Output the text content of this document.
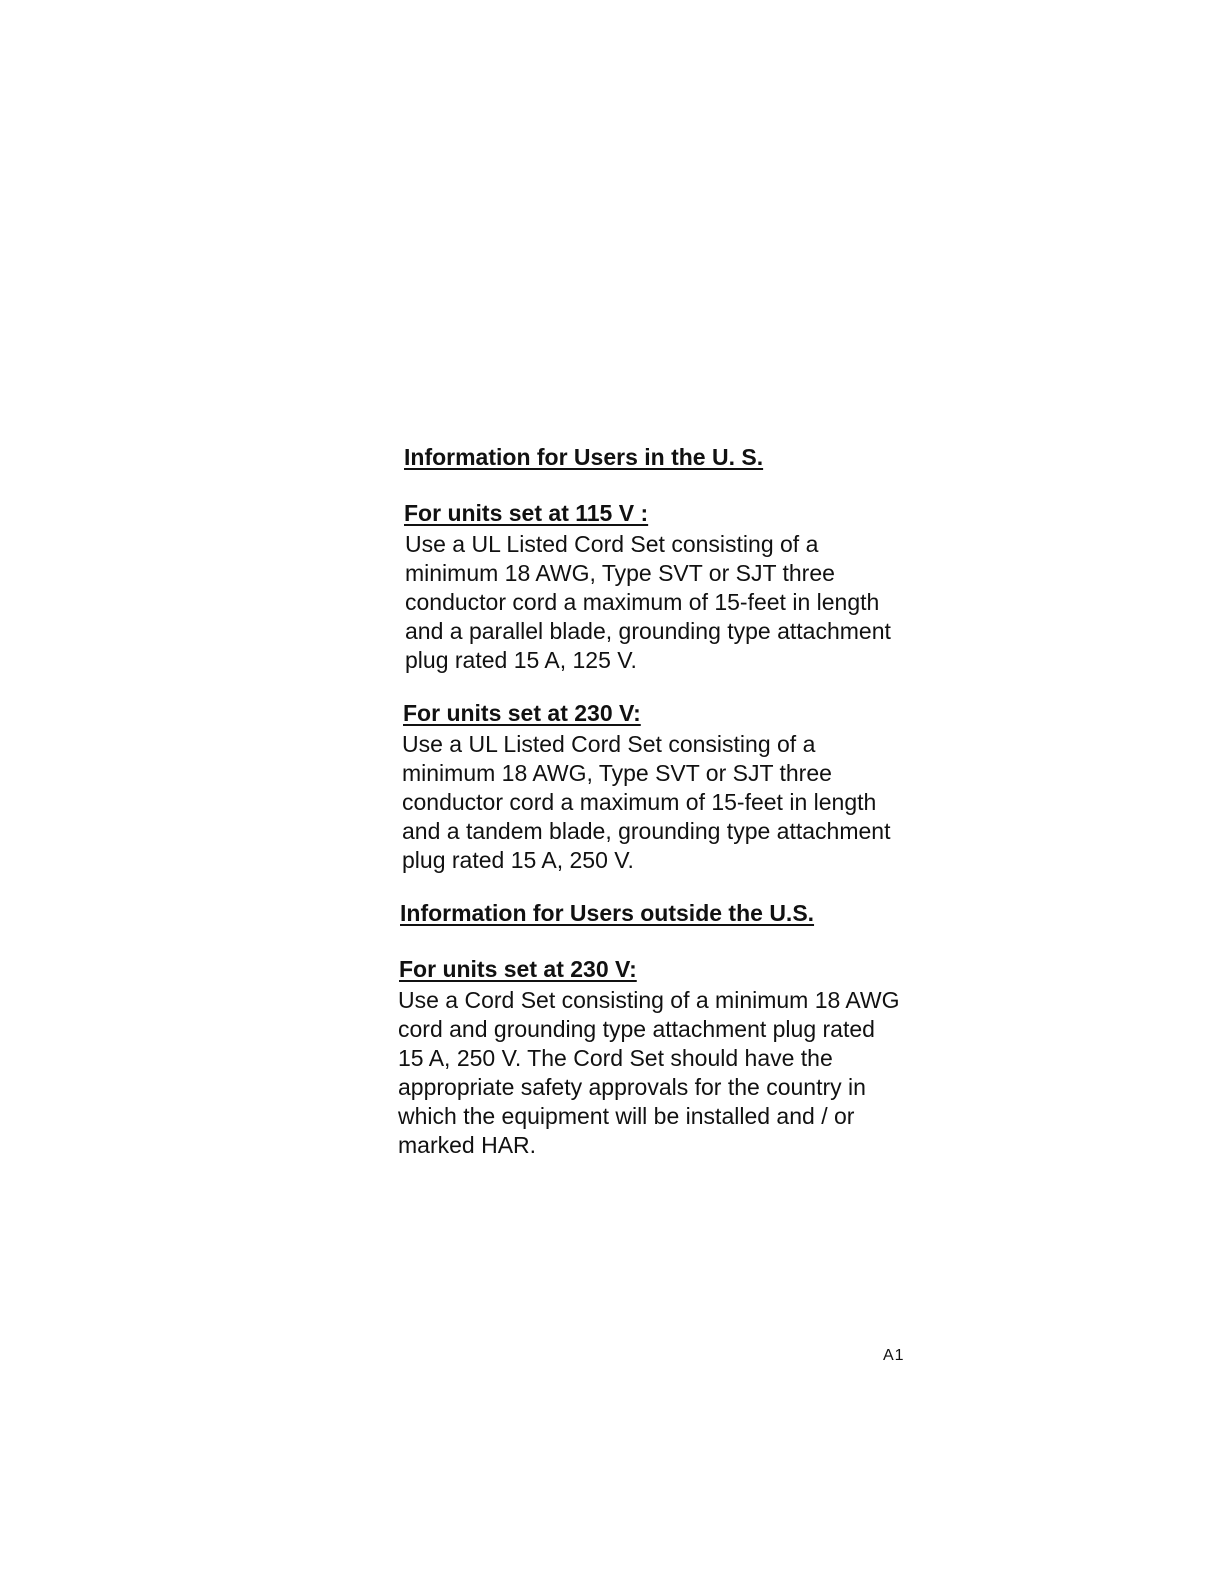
Information for Users in the U. S.
For units set at 115 V :

Use a UL Listed Cord Set consisting of a
minimum 18 AWG, Type SVT or SJT three
conductor cord a maximum of 15-feet in length
and a parallel blade, grounding type attachment
plug rated 15 A, 125 V.

For units set at 230 V:

Use a UL Listed Cord Set consisting of a
minimum 18 AWG, Type SVT or SJT three
conductor cord a maximum of 15-feet in length
and a tandem blade, grounding type attachment
plug rated 15 A, 250 V.

Information for Users outside the U.S.
For units set at 230 V:

Use a Cord Set consisting of a minimum 18 AWG
cord and grounding type attachment plug rated
15 A, 250 V. The Cord Set should have the
appropriate safety approvals for the country in
which the equipment will be installed and / or
marked HAR.

A1
